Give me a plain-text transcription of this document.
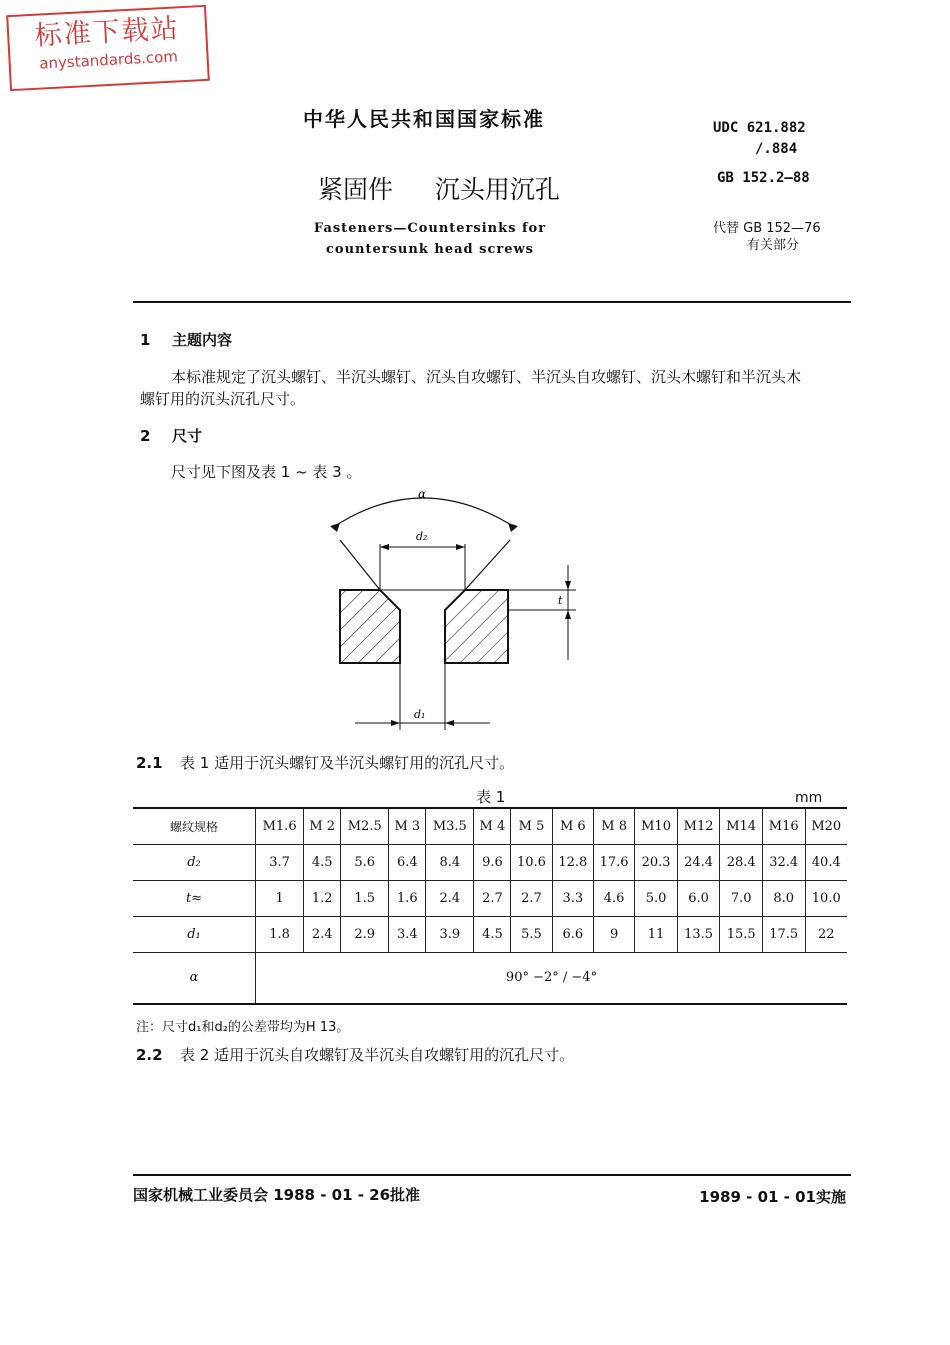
标准下载站
anystandards.com
中华人民共和国国家标准
紧固件 沉头用沉孔
Fasteners—Countersinks for
countersunk head screws
UDC 621.882
/.884
GB 152.2—88
代替 GB 152—76
有关部分
1 主题内容
本标准规定了沉头螺钉、半沉头螺钉、沉头自攻螺钉、半沉头自攻螺钉、沉头木螺钉和半沉头木
螺钉用的沉头沉孔尺寸。
2 尺寸
尺寸见下图及表 1 ~ 表 3 。
α
d₂
t
d₁
2.1 表 1 适用于沉头螺钉及半沉头螺钉用的沉孔尺寸。
表 1	mm
螺纹规格	M1.6	M 2	M2.5	M 3	M3.5	M 4	M 5	M 6	M 8	M10	M12	M14	M16	M20
d₂	3.7	4.5	5.6	6.4	8.4	9.6	10.6	12.8	17.6	20.3	24.4	28.4	32.4	40.4
t≈	1	1.2	1.5	1.6	2.4	2.7	2.7	3.3	4.6	5.0	6.0	7.0	8.0	10.0
d₁	1.8	2.4	2.9	3.4	3.9	4.5	5.5	6.6	9	11	13.5	15.5	17.5	22
α	90° −2° / −4°													
注：尺寸d₁和d₂的公差带均为H 13。
2.2 表 2 适用于沉头自攻螺钉及半沉头自攻螺钉用的沉孔尺寸。
国家机械工业委员会 1988 - 01 - 26批准	1989 - 01 - 01实施
